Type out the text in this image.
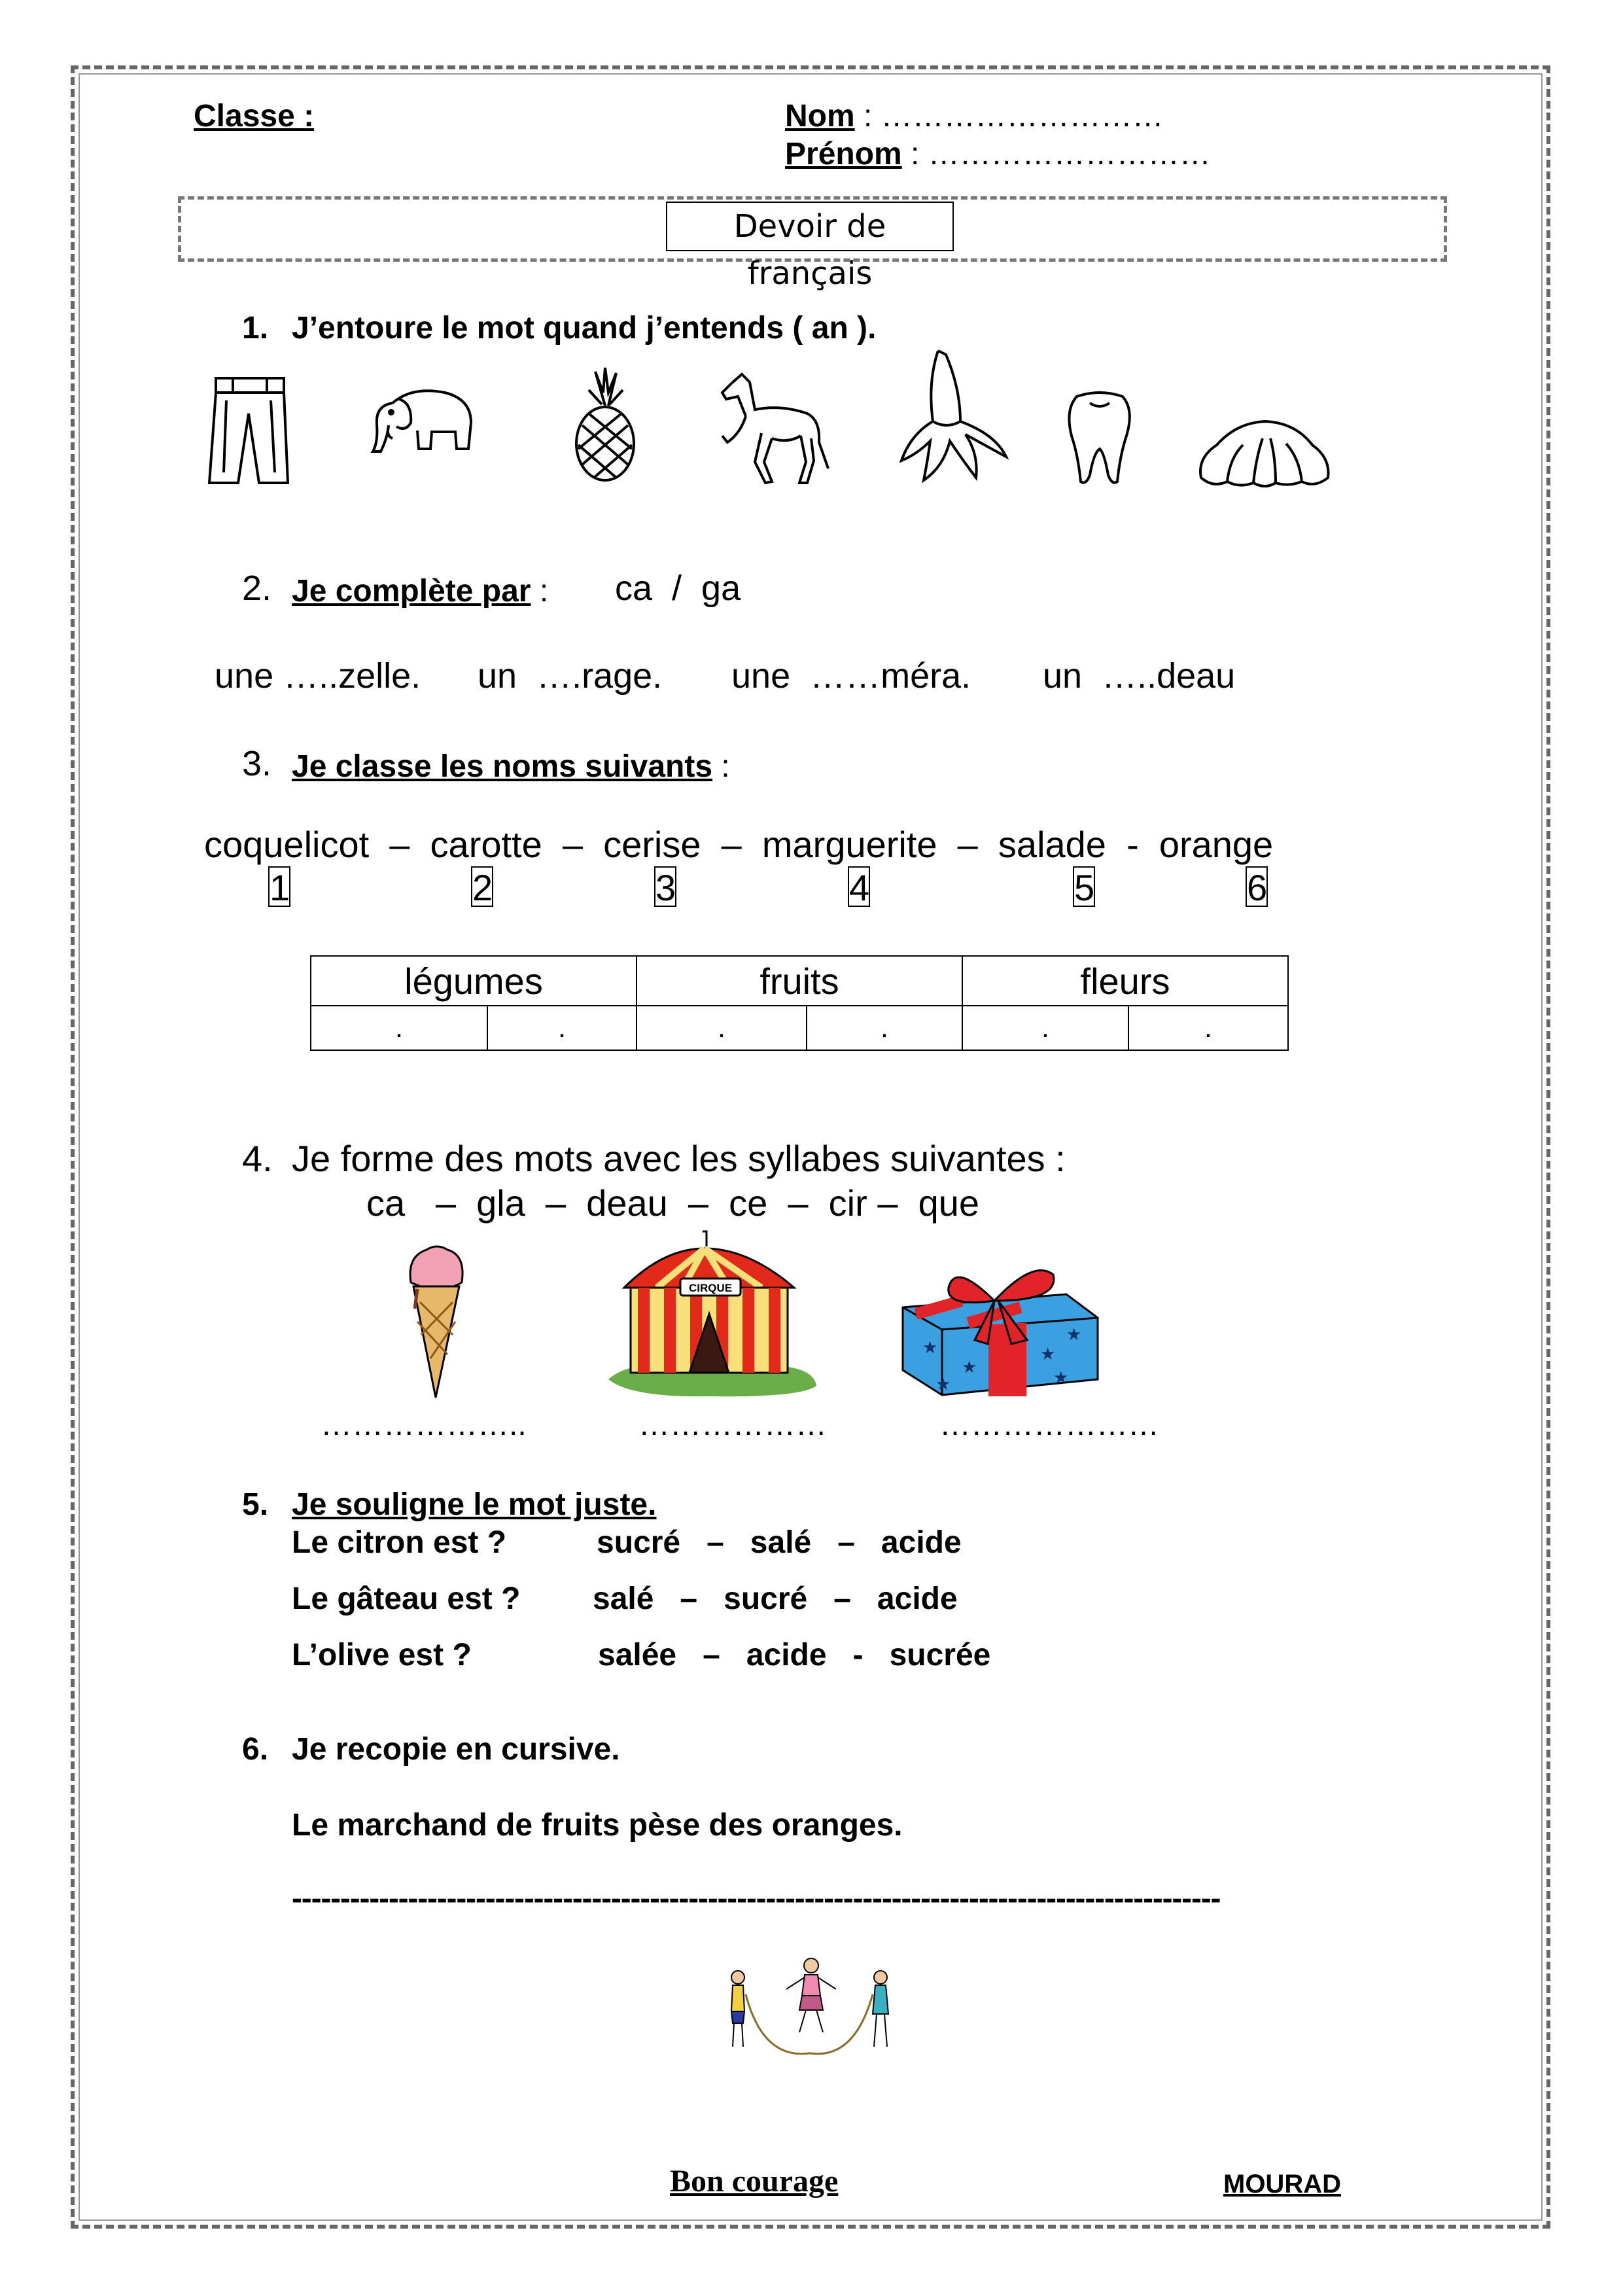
Classe :	Nom : ………………………
Prénom : ………………………
Devoir de français
1. J’entoure le mot quand j’entends ( an ).
2. Je complète par : ca  /  ga
une …..zelle. un  ….rage. une  ……méra. un  …..deau
3. Je classe les noms suivants :
coquelicot  –  carotte  –  cerise  –  marguerite  –  salade  -  orange
1	2	3	4	5	6
légumes		fruits		fleurs	
.	.	.	.	.	.
4. Je forme des mots avec les syllabes suivantes :
ca   –  gla  –  deau  –  ce  –  cir –  que
CIRQUE
★
★
★
★
★
★
………………..	………………	…………………
5. Je souligne le mot juste.
Le citron est ?	sucré   –   salé   –   acide
Le gâteau est ? salé   –   sucré   –   acide
L’olive est ?	salée   –   acide   -   sucrée
6. Je recopie en cursive.
Le marchand de fruits pèse des oranges.
------------------------------------------------------------------------------------------------
Bon courage	MOURAD
